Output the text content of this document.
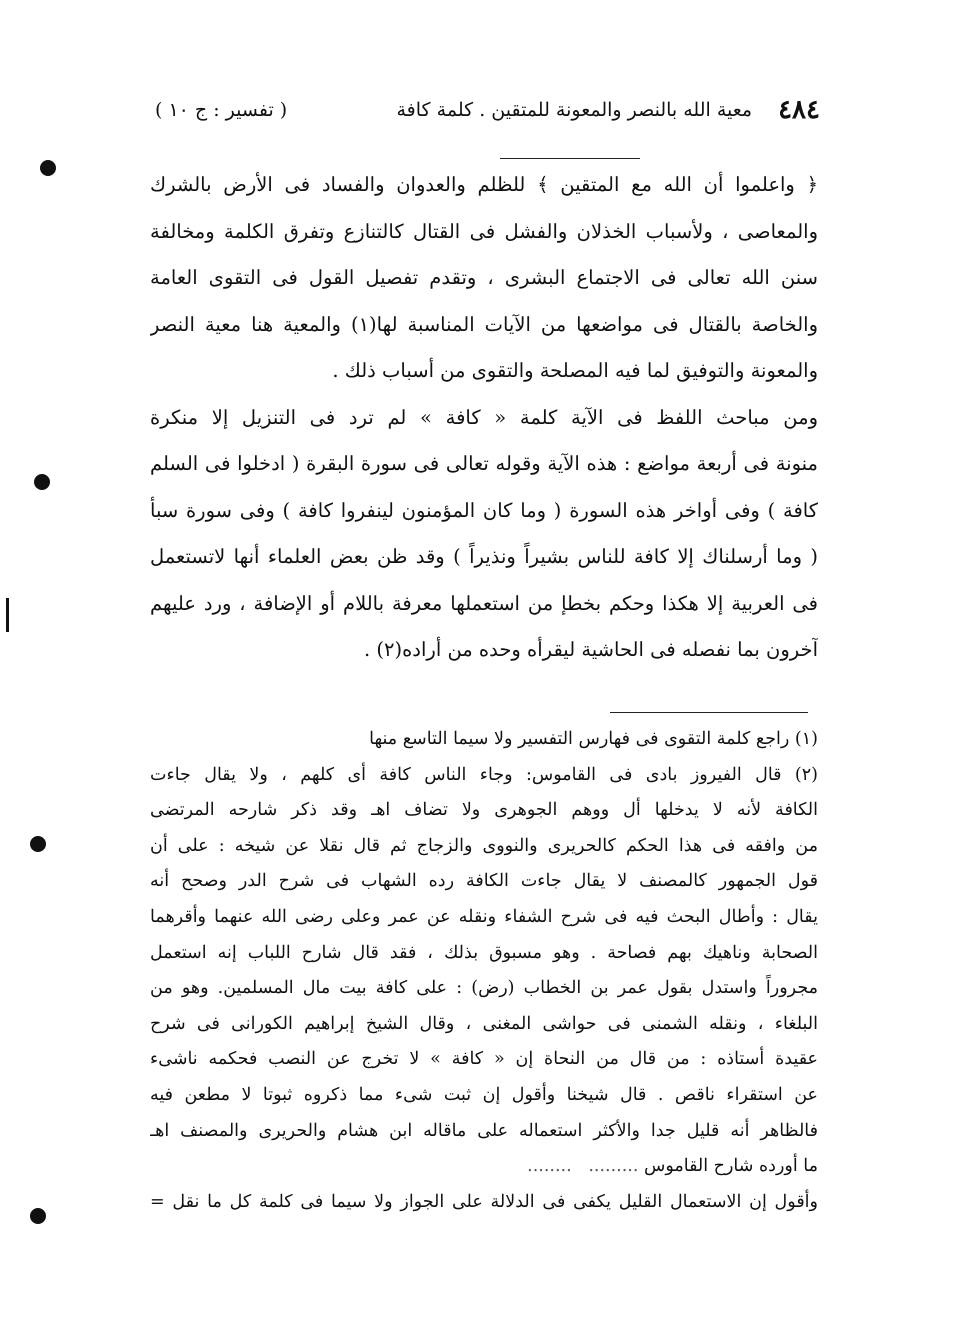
٤٨٤
معية الله بالنصر والمعونة للمتقين . كلمة كافة
( تفسير : ج ١٠ )
﴿ واعلموا أن الله مع المتقين ﴾ للظلم والعدوان والفساد فى الأرض بالشرك
والمعاصى ، ولأسباب الخذلان والفشل فى القتال كالتنازع وتفرق الكلمة ومخالفة
سنن الله تعالى فى الاجتماع البشرى ، وتقدم تفصيل القول فى التقوى العامة
والخاصة بالقتال فى مواضعها من الآيات المناسبة لها(١) والمعية هنا معية النصر
والمعونة والتوفيق لما فيه المصلحة والتقوى من أسباب ذلك .
ومن مباحث اللفظ فى الآية كلمة « كافة » لم ترد فى التنزيل إلا منكرة
منونة فى أربعة مواضع : هذه الآية وقوله تعالى فى سورة البقرة ( ادخلوا فى السلم
كافة ) وفى أواخر هذه السورة ( وما كان المؤمنون لينفروا كافة ) وفى سورة سبأ
( وما أرسلناك إلا كافة للناس بشيراً ونذيراً ) وقد ظن بعض العلماء أنها لاتستعمل
فى العربية إلا هكذا وحكم بخطإ من استعملها معرفة باللام أو الإضافة ، ورد عليهم
آخرون بما نفصله فى الحاشية ليقرأه وحده من أراده(٢) .
(١) راجع كلمة التقوى فى فهارس التفسير ولا سيما التاسع منها
(٢) قال الفيروز بادى فى القاموس: وجاء الناس كافة أى كلهم ، ولا يقال جاءت
الكافة لأنه لا يدخلها أل ووهم الجوهرى ولا تضاف اهـ وقد ذكر شارحه المرتضى
من وافقه فى هذا الحكم كالحريرى والنووى والزجاج ثم قال نقلا عن شيخه : على أن
قول الجمهور كالمصنف لا يقال جاءت الكافة رده الشهاب فى شرح الدر وصحح أنه
يقال : وأطال البحث فيه فى شرح الشفاء ونقله عن عمر وعلى رضى الله عنهما وأقرهما
الصحابة وناهيك بهم فصاحة . وهو مسبوق بذلك ، فقد قال شارح اللباب إنه استعمل
مجروراً واستدل بقول عمر بن الخطاب (رض) : على كافة بيت مال المسلمين. وهو من
البلغاء ، ونقله الشمنى فى حواشى المغنى ، وقال الشيخ إبراهيم الكورانى فى شرح
عقيدة أستاذه : من قال من النحاة إن « كافة » لا تخرج عن النصب فحكمه ناشىء
عن استقراء ناقص . قال شيخنا وأقول إن ثبت شىء مما ذكروه ثبوتا لا مطعن فيه
فالظاهر أنه قليل جدا والأكثر استعماله على ماقاله ابن هشام والحريرى والمصنف اهـ
ما أورده شارح القاموس .........   ........
وأقول إن الاستعمال القليل يكفى فى الدلالة على الجواز ولا سيما فى كلمة كل ما نقل =
